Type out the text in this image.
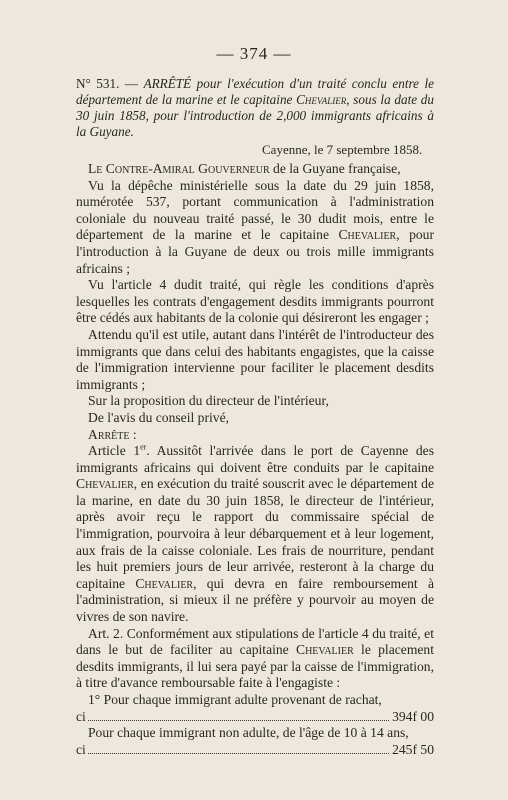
— 374 —
N° 531. — ARRÊTÉ pour l'exécution d'un traité conclu entre le département de la marine et le capitaine Chevalier, sous la date du 30 juin 1858, pour l'introduction de 2,000 immigrants africains à la Guyane.
Cayenne, le 7 septembre 1858.

Le Contre-Amiral Gouverneur de la Guyane française,

Vu la dépêche ministérielle sous la date du 29 juin 1858, numérotée 537, portant communication à l'administration coloniale du nouveau traité passé, le 30 dudit mois, entre le département de la marine et le capitaine Chevalier, pour l'introduction à la Guyane de deux ou trois mille immigrants africains ;

Vu l'article 4 dudit traité, qui règle les conditions d'après lesquelles les contrats d'engagement desdits immigrants pourront être cédés aux habitants de la colonie qui désireront les engager ;

Attendu qu'il est utile, autant dans l'intérêt de l'introducteur des immigrants que dans celui des habitants engagistes, que la caisse de l'immigration intervienne pour faciliter le placement desdits immigrants ;

Sur la proposition du directeur de l'intérieur,

De l'avis du conseil privé,

Arrête :

Article 1er. Aussitôt l'arrivée dans le port de Cayenne des immigrants africains qui doivent être conduits par le capitaine Chevalier, en exécution du traité souscrit avec le département de la marine, en date du 30 juin 1858, le directeur de l'intérieur, après avoir reçu le rapport du commissaire spécial de l'immigration, pourvoira à leur débarquement et à leur logement, aux frais de la caisse coloniale. Les frais de nourriture, pendant les huit premiers jours de leur arrivée, resteront à la charge du capitaine Chevalier, qui devra en faire remboursement à l'administration, si mieux il ne préfère y pourvoir au moyen de vivres de son navire.

Art. 2. Conformément aux stipulations de l'article 4 du traité, et dans le but de faciliter au capitaine Chevalier le placement desdits immigrants, il lui sera payé par la caisse de l'immigration, à titre d'avance remboursable faite à l'engagiste :

1° Pour chaque immigrant adulte provenant de rachat,

ci	394f 00

Pour chaque immigrant non adulte, de l'âge de 10 à 14 ans,

ci	245f 50
